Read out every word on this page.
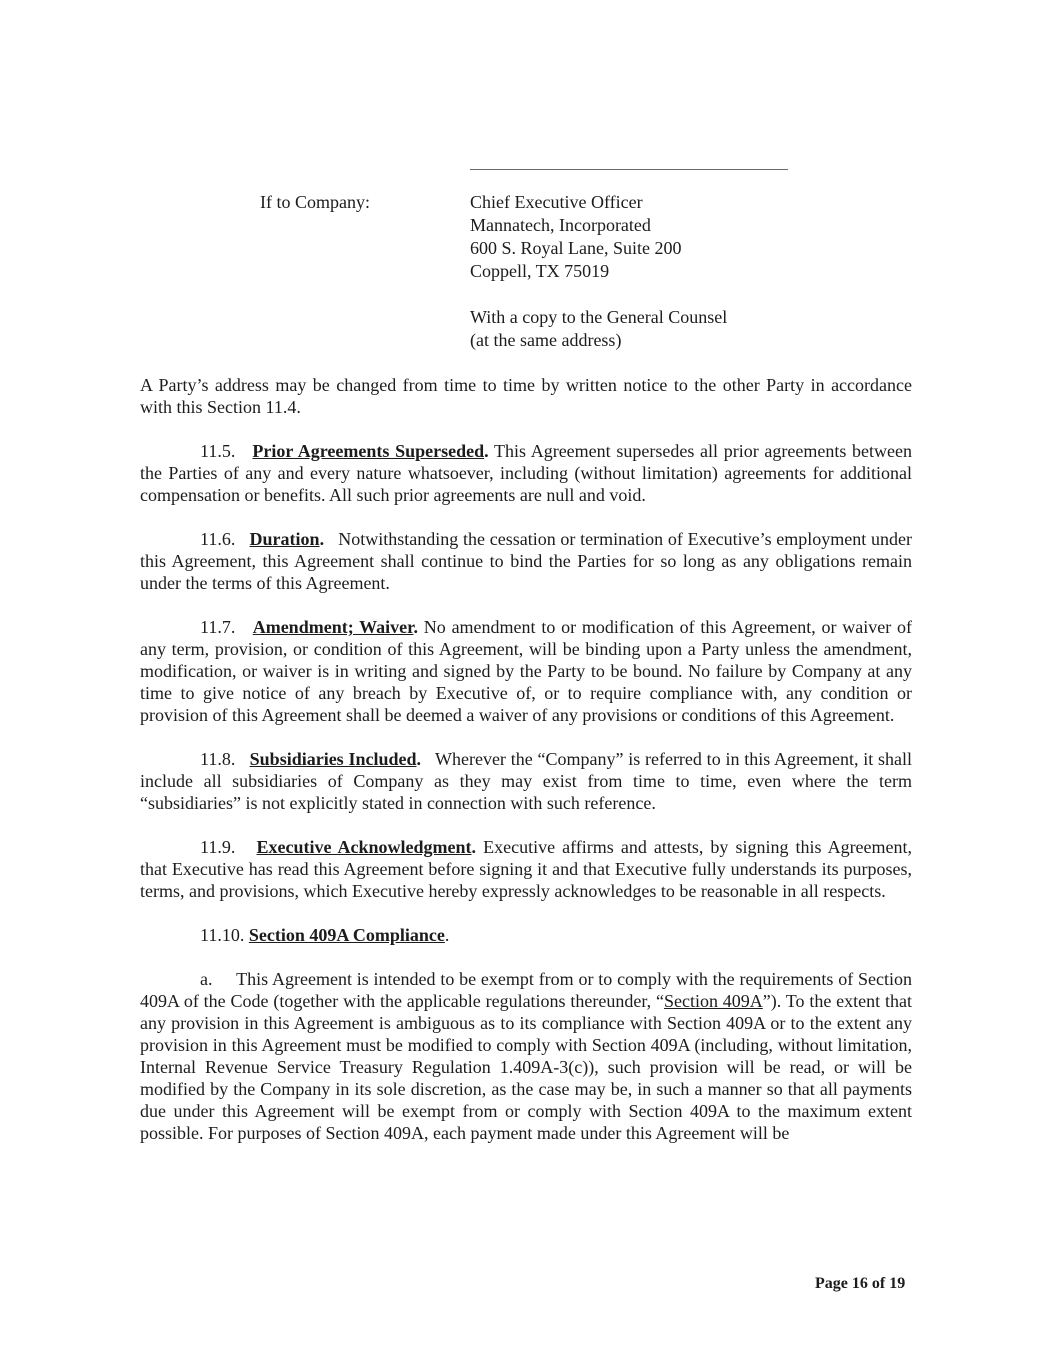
If to Company:	Chief Executive Officer
Mannatech, Incorporated
600 S. Royal Lane, Suite 200
Coppell, TX 75019
With a copy to the General Counsel
(at the same address)

A Party’s address may be changed from time to time by written notice to the other Party in accordance with this Section 11.4.

11.5. Prior Agreements Superseded. This Agreement supersedes all prior agreements between the Parties of any and every nature whatsoever, including (without limitation) agreements for additional compensation or benefits. All such prior agreements are null and void.

11.6. Duration. Notwithstanding the cessation or termination of Executive’s employment under this Agreement, this Agreement shall continue to bind the Parties for so long as any obligations remain under the terms of this Agreement.

11.7. Amendment; Waiver. No amendment to or modification of this Agreement, or waiver of any term, provision, or condition of this Agreement, will be binding upon a Party unless the amendment, modification, or waiver is in writing and signed by the Party to be bound. No failure by Company at any time to give notice of any breach by Executive of, or to require compliance with, any condition or provision of this Agreement shall be deemed a waiver of any provisions or conditions of this Agreement.

11.8. Subsidiaries Included. Wherever the “Company” is referred to in this Agreement, it shall include all subsidiaries of Company as they may exist from time to time, even where the term “subsidiaries” is not explicitly stated in connection with such reference.

11.9. Executive Acknowledgment. Executive affirms and attests, by signing this Agreement, that Executive has read this Agreement before signing it and that Executive fully understands its purposes, terms, and provisions, which Executive hereby expressly acknowledges to be reasonable in all respects.

11.10. Section 409A Compliance.

a. This Agreement is intended to be exempt from or to comply with the requirements of Section 409A of the Code (together with the applicable regulations thereunder, “Section 409A”). To the extent that any provision in this Agreement is ambiguous as to its compliance with Section 409A or to the extent any provision in this Agreement must be modified to comply with Section 409A (including, without limitation, Internal Revenue Service Treasury Regulation 1.409A-3(c)), such provision will be read, or will be modified by the Company in its sole discretion, as the case may be, in such a manner so that all payments due under this Agreement will be exempt from or comply with Section 409A to the maximum extent possible. For purposes of Section 409A, each payment made under this Agreement will be

Page 16 of 19
